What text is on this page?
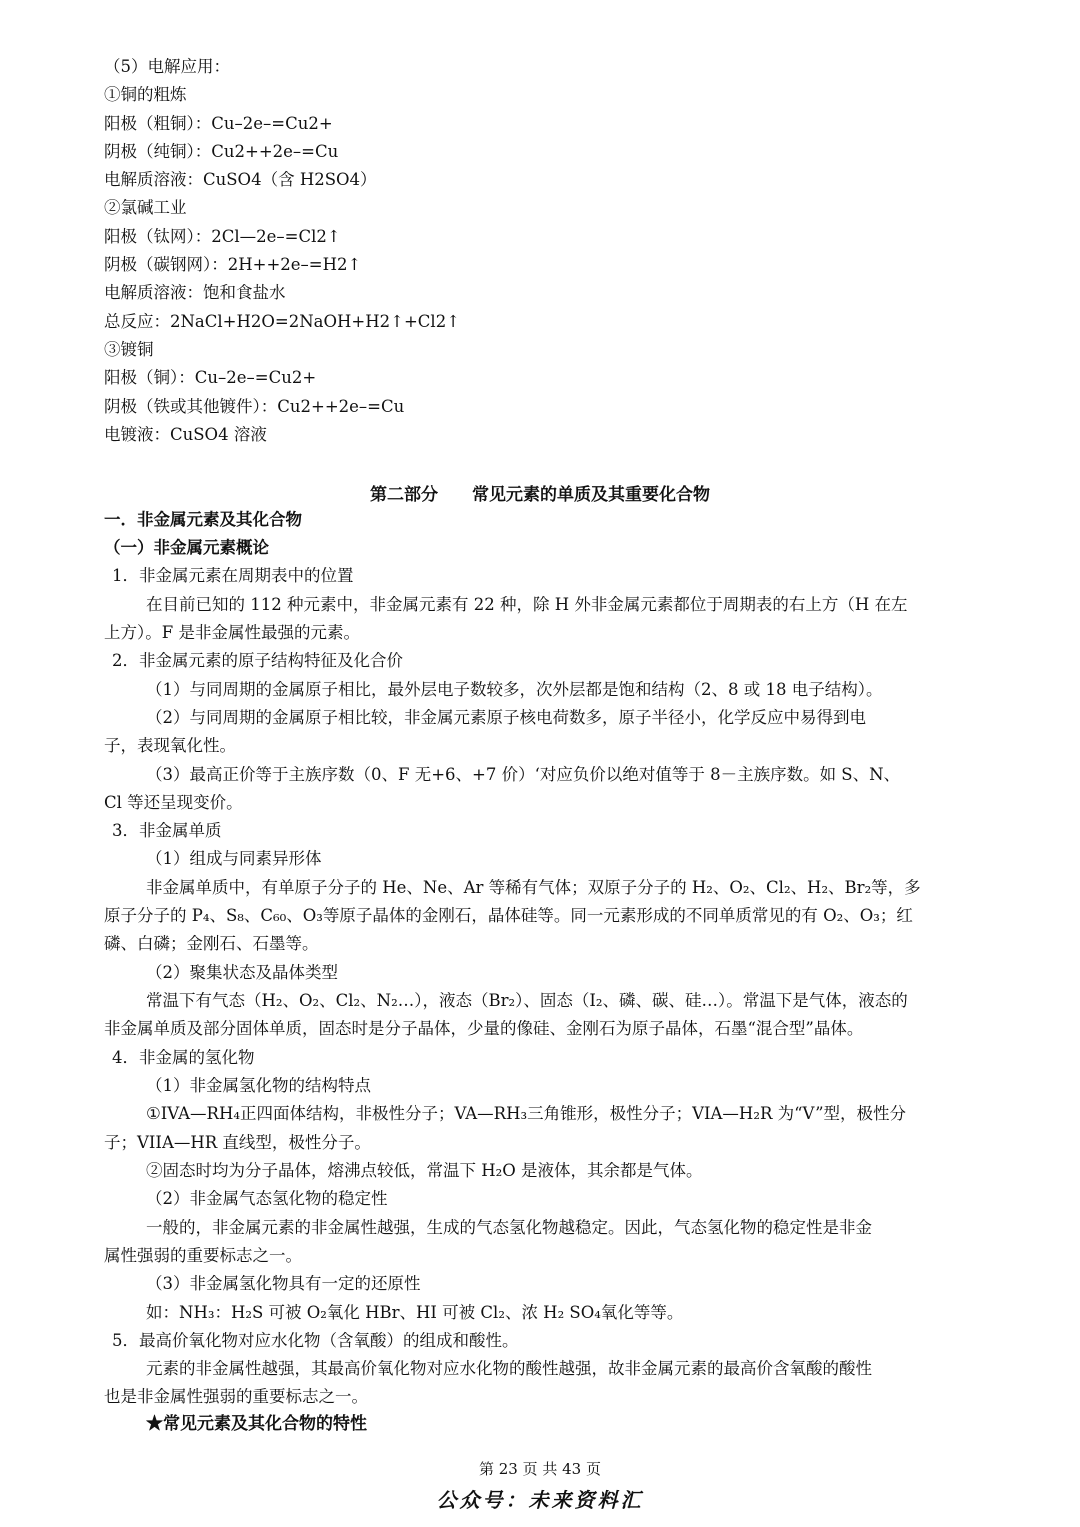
（5）电解应用：
①铜的粗炼
阳极（粗铜）：Cu–2e–=Cu2+
阴极（纯铜）：Cu2++2e–=Cu
电解质溶液：CuSO4（含 H2SO4）
②氯碱工业
阳极（钛网）：2Cl—2e–=Cl2↑
阴极（碳钢网）：2H++2e–=H2↑
电解质溶液：饱和食盐水
总反应：2NaCl+H2O=2NaOH+H2↑+Cl2↑
③镀铜
阳极（铜）：Cu–2e–=Cu2+
阴极（铁或其他镀件）：Cu2++2e–=Cu
电镀液：CuSO4 溶液
第二部分 常见元素的单质及其重要化合物
一．非金属元素及其化合物
（一）非金属元素概论
1．非金属元素在周期表中的位置
在目前已知的 112 种元素中，非金属元素有 22 种，除 H 外非金属元素都位于周期表的右上方（H 在左
上方）。F 是非金属性最强的元素。
2．非金属元素的原子结构特征及化合价
（1）与同周期的金属原子相比，最外层电子数较多，次外层都是饱和结构（2、8 或 18 电子结构）。
（2）与同周期的金属原子相比较，非金属元素原子核电荷数多，原子半径小，化学反应中易得到电
子，表现氧化性。
（3）最高正价等于主族序数（0、F 无+6、+7 价）‘对应负价以绝对值等于 8－主族序数。如 S、N、
Cl 等还呈现变价。
3．非金属单质
（1）组成与同素异形体
非金属单质中，有单原子分子的 He、Ne、Ar 等稀有气体；双原子分子的 H₂、O₂、Cl₂、H₂、Br₂等，多
原子分子的 P₄、S₈、C₆₀、O₃等原子晶体的金刚石，晶体硅等。同一元素形成的不同单质常见的有 O₂、O₃；红
磷、白磷；金刚石、石墨等。
（2）聚集状态及晶体类型
常温下有气态（H₂、O₂、Cl₂、N₂…），液态（Br₂）、固态（I₂、磷、碳、硅…）。常温下是气体，液态的
非金属单质及部分固体单质，固态时是分子晶体，少量的像硅、金刚石为原子晶体，石墨“混合型”晶体。
4．非金属的氢化物
（1）非金属氢化物的结构特点
①IVA—RH₄正四面体结构，非极性分子；VA—RH₃三角锥形，极性分子；VIA—H₂R 为“V”型，极性分
子；VIIA—HR 直线型，极性分子。
②固态时均为分子晶体，熔沸点较低，常温下 H₂O 是液体，其余都是气体。
（2）非金属气态氢化物的稳定性
一般的，非金属元素的非金属性越强，生成的气态氢化物越稳定。因此，气态氢化物的稳定性是非金
属性强弱的重要标志之一。
（3）非金属氢化物具有一定的还原性
如：NH₃：H₂S 可被 O₂氧化 HBr、HI 可被 Cl₂、浓 H₂ SO₄氧化等等。
5．最高价氧化物对应水化物（含氧酸）的组成和酸性。
元素的非金属性越强，其最高价氧化物对应水化物的酸性越强，故非金属元素的最高价含氧酸的酸性
也是非金属性强弱的重要标志之一。
★常见元素及其化合物的特性
第 23 页 共 43 页
公众号：未来资料汇
